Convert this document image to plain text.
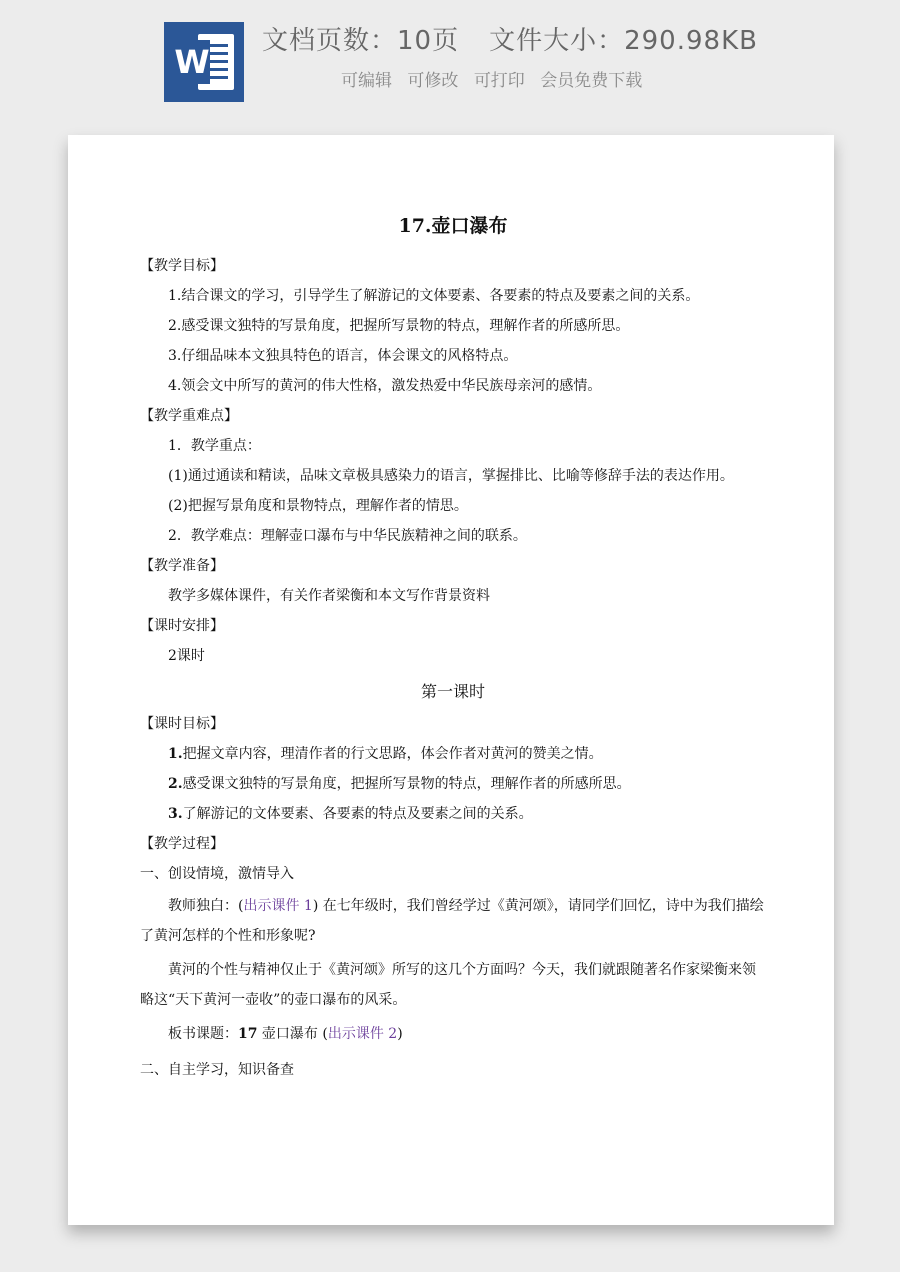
W
文档页数：10页 文件大小：290.98KB
可编辑 可修改 可打印 会员免费下载

17.壶口瀑布

【教学目标】

1.结合课文的学习，引导学生了解游记的文体要素、各要素的特点及要素之间的关系。

2.感受课文独特的写景角度，把握所写景物的特点，理解作者的所感所思。

3.仔细品味本文独具特色的语言，体会课文的风格特点。

4.领会文中所写的黄河的伟大性格，激发热爱中华民族母亲河的感情。

【教学重难点】

1．教学重点：

(1)通过通读和精读，品味文章极具感染力的语言，掌握排比、比喻等修辞手法的表达作用。

(2)把握写景角度和景物特点，理解作者的情思。

2．教学难点：理解壶口瀑布与中华民族精神之间的联系。

【教学准备】

教学多媒体课件，有关作者梁衡和本文写作背景资料

【课时安排】

2课时

第一课时

【课时目标】

1.把握文章内容，理清作者的行文思路，体会作者对黄河的赞美之情。

2.感受课文独特的写景角度，把握所写景物的特点，理解作者的所感所思。

3.了解游记的文体要素、各要素的特点及要素之间的关系。

【教学过程】

一、创设情境，激情导入

教师独白：(出示课件 1) 在七年级时，我们曾经学过《黄河颂》，请同学们回忆，诗中为我们描绘了黄河怎样的个性和形象呢?

黄河的个性与精神仅止于《黄河颂》所写的这几个方面吗？今天，我们就跟随著名作家梁衡来领略这“天下黄河一壶收”的壶口瀑布的风采。

板书课题：17 壶口瀑布 (出示课件 2)

二、自主学习，知识备查
